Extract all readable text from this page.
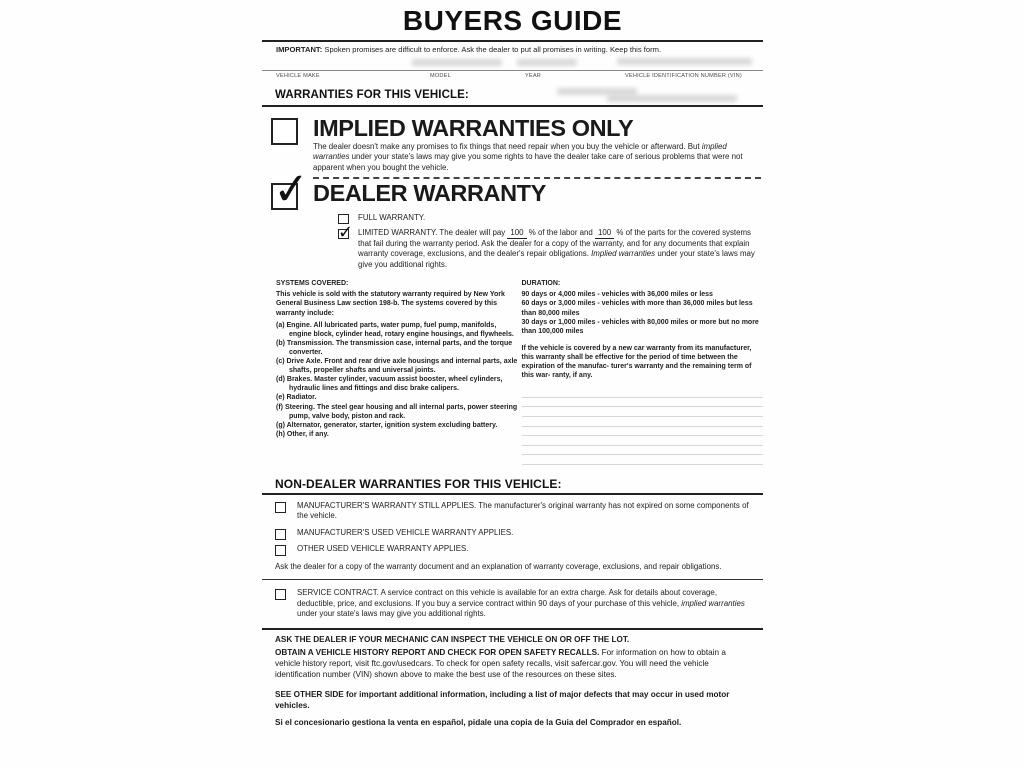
BUYERS GUIDE
IMPORTANT: Spoken promises are difficult to enforce. Ask the dealer to put all promises in writing. Keep this form.
VEHICLE MAKE	MODEL	YEAR	VEHICLE IDENTIFICATION NUMBER (VIN)
WARRANTIES FOR THIS VEHICLE:
IMPLIED WARRANTIES ONLY
The dealer doesn't make any promises to fix things that need repair when you buy the vehicle or afterward. But implied warranties under your state's laws may give you some rights to have the dealer take care of serious problems that were not apparent when you bought the vehicle.
✓ DEALER WARRANTY
FULL WARRANTY.
✓ LIMITED WARRANTY. The dealer will pay 100 % of the labor and 100 % of the parts for the covered systems that fail during the warranty period. Ask the dealer for a copy of the warranty, and for any documents that explain warranty coverage, exclusions, and the dealer's repair obligations. Implied warranties under your state's laws may give you additional rights.
SYSTEMS COVERED:

This vehicle is sold with the statutory warranty required by New York General Business Law section 198-b. The systems covered by this warranty include:

(a) Engine. All lubricated parts, water pump, fuel pump, manifolds, engine block, cylinder head, rotary engine housings, and flywheels.
(b) Transmission. The transmission case, internal parts, and the torque converter.
(c) Drive Axle. Front and rear drive axle housings and internal parts, axle shafts, propeller shafts and universal joints.
(d) Brakes. Master cylinder, vacuum assist booster, wheel cylinders, hydraulic lines and fittings and disc brake calipers.
(e) Radiator.
(f) Steering. The steel gear housing and all internal parts, power steering pump, valve body, piston and rack.
(g) Alternator, generator, starter, ignition system excluding battery.
(h) Other, if any.
DURATION:

90 days or 4,000 miles - vehicles with 36,000 miles or less

60 days or 3,000 miles - vehicles with more than 36,000 miles but less than 80,000 miles

30 days or 1,000 miles - vehicles with 80,000 miles or more but no more than 100,000 miles

If the vehicle is covered by a new car warranty from its manufacturer, this warranty shall be effective for the period of time between the expiration of the manufac- turer's warranty and the remaining term of this war- ranty, if any.

NON-DEALER WARRANTIES FOR THIS VEHICLE:
MANUFACTURER'S WARRANTY STILL APPLIES. The manufacturer's original warranty has not expired on some components of the vehicle.
MANUFACTURER'S USED VEHICLE WARRANTY APPLIES.
OTHER USED VEHICLE WARRANTY APPLIES.
Ask the dealer for a copy of the warranty document and an explanation of warranty coverage, exclusions, and repair obligations.
SERVICE CONTRACT. A service contract on this vehicle is available for an extra charge. Ask for details about coverage, deductible, price, and exclusions. If you buy a service contract within 90 days of your purchase of this vehicle, implied warranties under your state's laws may give you additional rights.
ASK THE DEALER IF YOUR MECHANIC CAN INSPECT THE VEHICLE ON OR OFF THE LOT.
OBTAIN A VEHICLE HISTORY REPORT AND CHECK FOR OPEN SAFETY RECALLS. For information on how to obtain a vehicle history report, visit ftc.gov/usedcars. To check for open safety recalls, visit safercar.gov. You will need the vehicle identification number (VIN) shown above to make the best use of the resources on these sites.
SEE OTHER SIDE for important additional information, including a list of major defects that may occur in used motor vehicles.
Si el concesionario gestiona la venta en español, pidale una copia de la Guia del Comprador en español.
